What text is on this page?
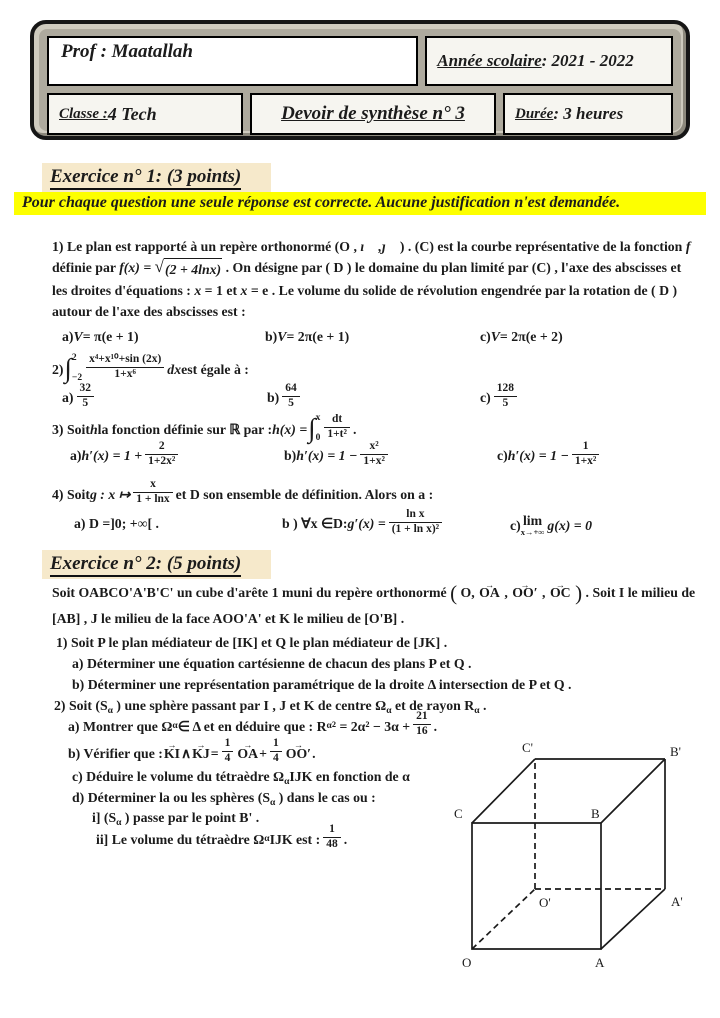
Prof : Maatallah	Année scolaire : 2021 - 2022
Classe : 4 Tech	Devoir de synthèse n° 3	Durée : 3 heures
Exercice n° 1: (3 points)
Pour chaque question une seule réponse est correcte. Aucune justification n'est demandée.
1) Le plan est rapporté à un repère orthonormé (O , ı⃗ ,ȷ⃗ ) . (C) est la courbe représentative de la fonction f définie par f(x) = √ (2 + 4lnx) . On désigne par ( D ) le domaine du plan limité par (C) , l'axe des abscisses et les droites d'équations : x = 1 et x = e . Le volume du solide de révolution engendrée par la rotation de ( D ) autour de l'axe des abscisses est :
a) V = π(e + 1)	b) V = 2π(e + 1)	c) V = 2π(e + 2)
2) ∫ 2
$-2 \frac{\text{x⁴+x¹⁰+sin (2x)}}{\text{1+x⁶}}$ dx est égale à :
$a) \frac{32}{5}$	$b) \frac{64}{5}$	$c) \frac{128}{5}$
3) Soit h la fonction définie sur ℝ par : h(x) = ∫ x
$0 \frac{dt}{\text{1+t²}}$ .
a) $h'(x) = 1 + \frac{2}{\text{1+2x²}}$	b) $h'(x) = 1 - \frac{\text{x²}}{\text{1+x²}}$	c) $h'(x) = 1 - \frac{1}{\text{1+x²}}$
4) Soit g : x ↦ $\frac{x}{1 + \ln x}$ et D son ensemble de définition. Alors on a :
a) D =]0; +∞[ .	b ) ∀x ∈D: $g'(x) = \frac{\text{ln x}}{\text{(1 + ln x)²}}$	c) lim
x→+∞ g(x) = 0
Exercice n° 2: (5 points)
Soit OABCO'A'B'C' un cube d'arête 1 muni du repère orthonormé ( O, OA → , OO′ → , OC → ) . Soit I le milieu de [AB] , J le milieu de la face AOO'A' et K le milieu de [O'B] .
1) Soit P le plan médiateur de [IK] et Q le plan médiateur de [JK] .
a) Déterminer une équation cartésienne de chacun des plans P et Q .
b) Déterminer une représentation paramétrique de la droite Δ intersection de P et Q .
2) Soit ($S_\alpha$ ) une sphère passant par I , J et K de centre $\Omega_\alpha$ et de rayon $R_\alpha$ .
a) Montrer que Ω α ∈ Δ et en déduire que : R α $^2 = 2\alpha^2 - 3\alpha + \frac{21}{16}$ .
b) Vérifier que : KI → ∧ KJ → = $\frac{1}{4}$ OA → + $\frac{1}{4} OO'$ → .
c) Déduire le volume du tétraèdre $\Omega_\alpha IJK$ en fonction de α
d) Déterminer la ou les sphères ($S_\alpha$ ) dans le cas ou :
i] ($S_\alpha$ ) passe par le point B' .
ii] Le volume du tétraèdre Ω α IJK est : $\frac{1}{48}$ .
O	A
B
C
O'	A'
B'
C'
